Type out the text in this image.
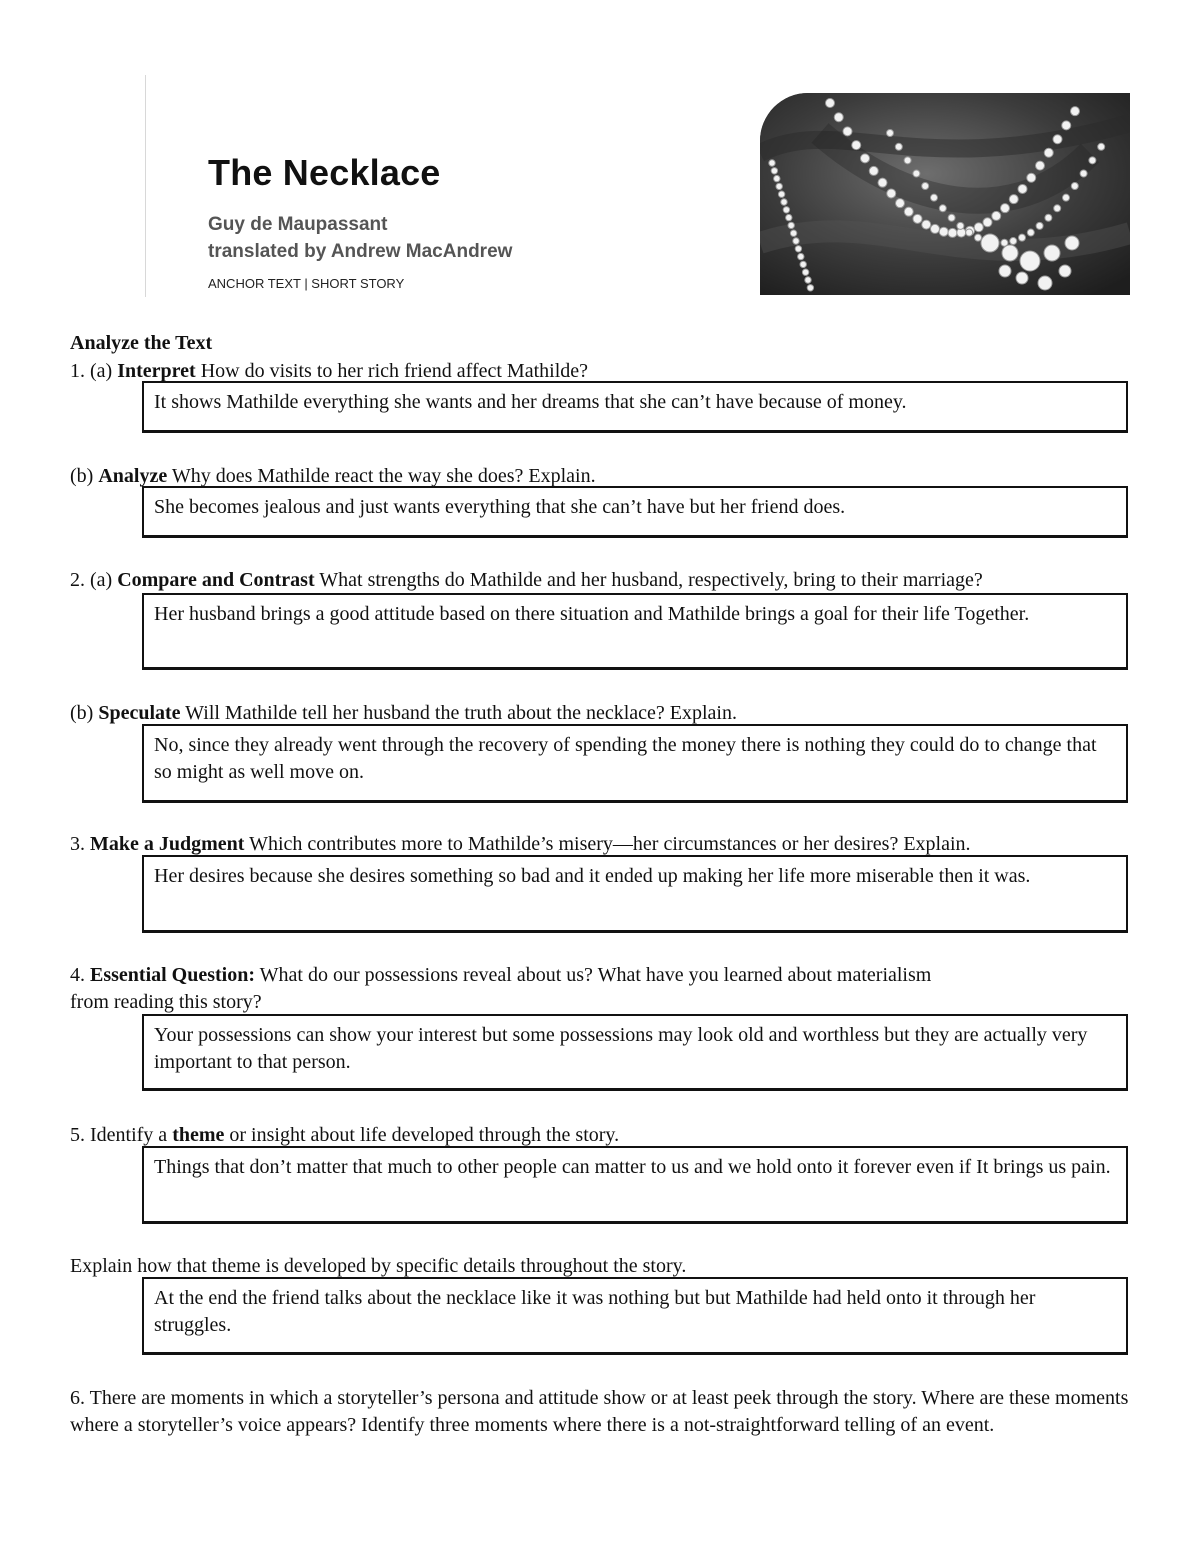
The Necklace
Guy de Maupassant
translated by Andrew MacAndrew
ANCHOR TEXT | SHORT STORY
Analyze the Text
1. (a) Interpret How do visits to her rich friend affect Mathilde?
It shows Mathilde everything she wants and her dreams that she can’t have because of money.
(b) Analyze Why does Mathilde react the way she does? Explain.
She becomes jealous and just wants everything that she can’t have but her friend does.
2. (a) Compare and Contrast What strengths do Mathilde and her husband, respectively, bring to their marriage?
Her husband brings a good attitude based on there situation and Mathilde brings a goal for their life Together.
(b) Speculate Will Mathilde tell her husband the truth about the necklace? Explain.
No, since they already went through the recovery of spending the money there is nothing they could do to change that so might as well move on.
3. Make a Judgment Which contributes more to Mathilde’s misery—her circumstances or her desires? Explain.
Her desires because she desires something so bad and it ended up making her life more miserable then it was.
4. Essential Question: What do our possessions reveal about us? What have you learned about materialism
from reading this story?
Your possessions can show your interest but some possessions may look old and worthless but they are actually very important to that person.
5. Identify a theme or insight about life developed through the story.
Things that don’t matter that much to other people can matter to us and we hold onto it forever even if It brings us pain.
Explain how that theme is developed by specific details throughout the story.
At the end the friend talks about the necklace like it was nothing but but Mathilde had held onto it through her struggles.
6. There are moments in which a storyteller’s persona and attitude show or at least peek through the story. Where are these moments where a storyteller’s voice appears? Identify three moments where there is a not-straightforward telling of an event.
